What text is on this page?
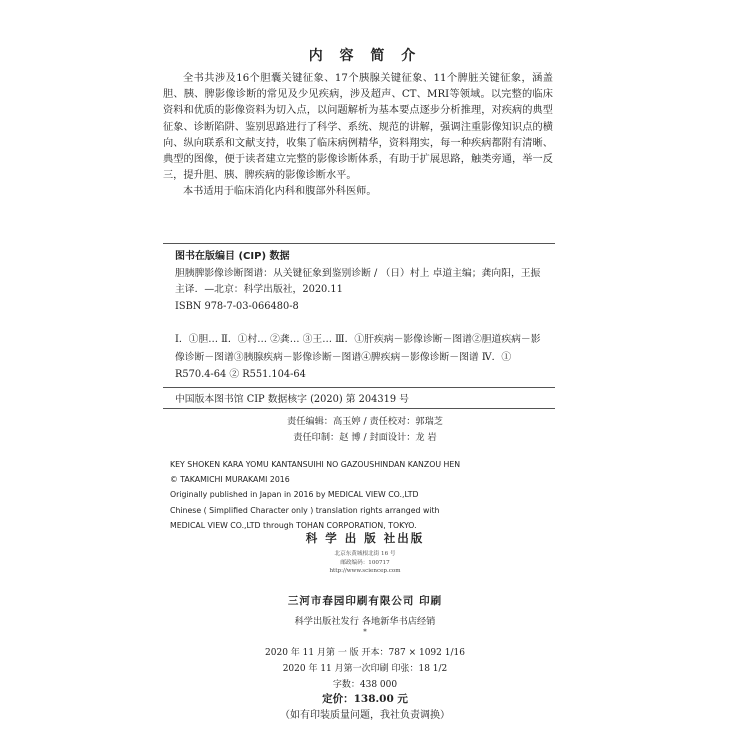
内 容 简 介

全书共涉及16个胆囊关键征象、17个胰腺关键征象、11个脾脏关键征象，涵盖胆、胰、脾影像诊断的常见及少见疾病，涉及超声、CT、MRI等领域。以完整的临床资料和优质的影像资料为切入点，以问题解析为基本要点逐步分析推理，对疾病的典型征象、诊断陷阱、鉴别思路进行了科学、系统、规范的讲解，强调注重影像知识点的横向、纵向联系和文献支持，收集了临床病例精华，资料翔实，每一种疾病都附有清晰、典型的图像，便于读者建立完整的影像诊断体系，有助于扩展思路，触类旁通，举一反三，提升胆、胰、脾疾病的影像诊断水平。

本书适用于临床消化内科和腹部外科医师。

图书在版编目 (CIP) 数据
胆胰脾影像诊断图谱：从关键征象到鉴别诊断 / （日）村上 卓道主编；龚向阳，王振主译．—北京：科学出版社，2020.11
ISBN 978-7-03-066480-8
Ⅰ．①胆… Ⅱ．①村… ②龚… ③王… Ⅲ．①肝疾病－影像诊断－图谱②胆道疾病－影像诊断－图谱③胰腺疾病－影像诊断－图谱④脾疾病－影像诊断－图谱 Ⅳ．① R570.4-64 ② R551.104-64
中国版本图书馆 CIP 数据核字 (2020) 第 204319 号
责任编辑：高玉婷 / 责任校对：郭瑞芝
责任印制：赵 博 / 封面设计：龙 岩
KEY SHOKEN KARA YOMU KANTANSUIHI NO GAZOUSHINDAN KANZOU HEN
© TAKAMICHI MURAKAMI 2016
Originally published in Japan in 2016 by MEDICAL VIEW CO.,LTD
Chinese ( Simplified Character only ) translation rights arranged with
MEDICAL VIEW CO.,LTD through TOHAN CORPORATION, TOKYO.
科 学 出 版 社出版
北京东黄城根北街 16 号
邮政编码：100717
http://www.sciencep.com
三河市春园印刷有限公司 印刷
科学出版社发行 各地新华书店经销
*
2020 年 11 月第 一 版 开本：787 × 1092 1/16
2020 年 11 月第一次印刷 印张：18 1/2
字数：438 000
定价：138.00 元
（如有印装质量问题，我社负责调换）
